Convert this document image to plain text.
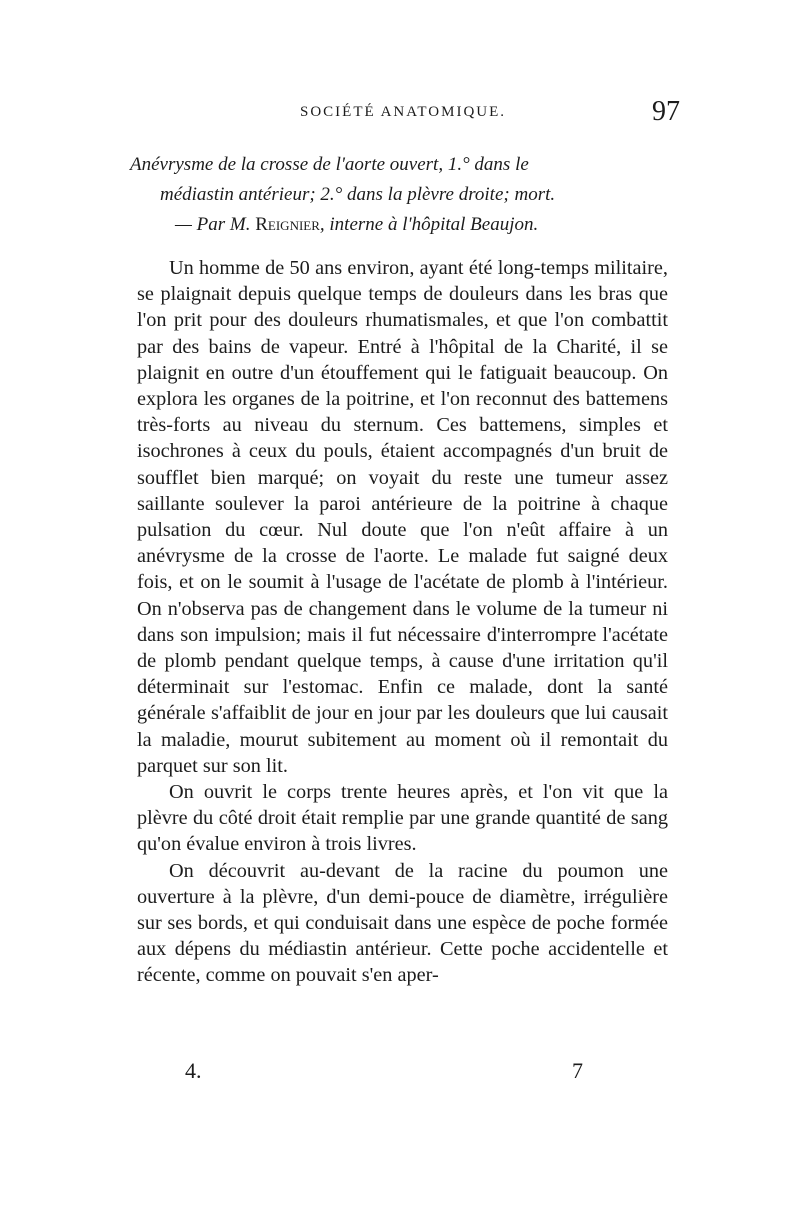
SOCIÉTÉ ANATOMIQUE.	97
Anévrysme de la crosse de l'aorte ouvert, 1.° dans le
médiastin antérieur; 2.° dans la plèvre droite; mort.
— Par M. Reignier, interne à l'hôpital Beaujon.

Un homme de 50 ans environ, ayant été long-temps militaire, se plaignait depuis quelque temps de douleurs dans les bras que l'on prit pour des douleurs rhumatismales, et que l'on combattit par des bains de vapeur. Entré à l'hôpital de la Charité, il se plaignit en outre d'un étouffement qui le fatiguait beaucoup. On explora les organes de la poitrine, et l'on reconnut des battemens très-forts au niveau du sternum. Ces battemens, simples et isochrones à ceux du pouls, étaient accompagnés d'un bruit de soufflet bien marqué; on voyait du reste une tumeur assez saillante soulever la paroi antérieure de la poitrine à chaque pulsation du cœur. Nul doute que l'on n'eût affaire à un anévrysme de la crosse de l'aorte. Le malade fut saigné deux fois, et on le soumit à l'usage de l'acétate de plomb à l'intérieur. On n'observa pas de changement dans le volume de la tumeur ni dans son impulsion; mais il fut nécessaire d'interrompre l'acétate de plomb pendant quelque temps, à cause d'une irritation qu'il déterminait sur l'estomac. Enfin ce malade, dont la santé générale s'affaiblit de jour en jour par les douleurs que lui causait la maladie, mourut subitement au moment où il remontait du parquet sur son lit.

On ouvrit le corps trente heures après, et l'on vit que la plèvre du côté droit était remplie par une grande quantité de sang qu'on évalue environ à trois livres.

On découvrit au-devant de la racine du poumon une ouverture à la plèvre, d'un demi-pouce de diamètre, irrégulière sur ses bords, et qui conduisait dans une espèce de poche formée aux dépens du médiastin antérieur. Cette poche accidentelle et récente, comme on pouvait s'en aper-

4.	7
